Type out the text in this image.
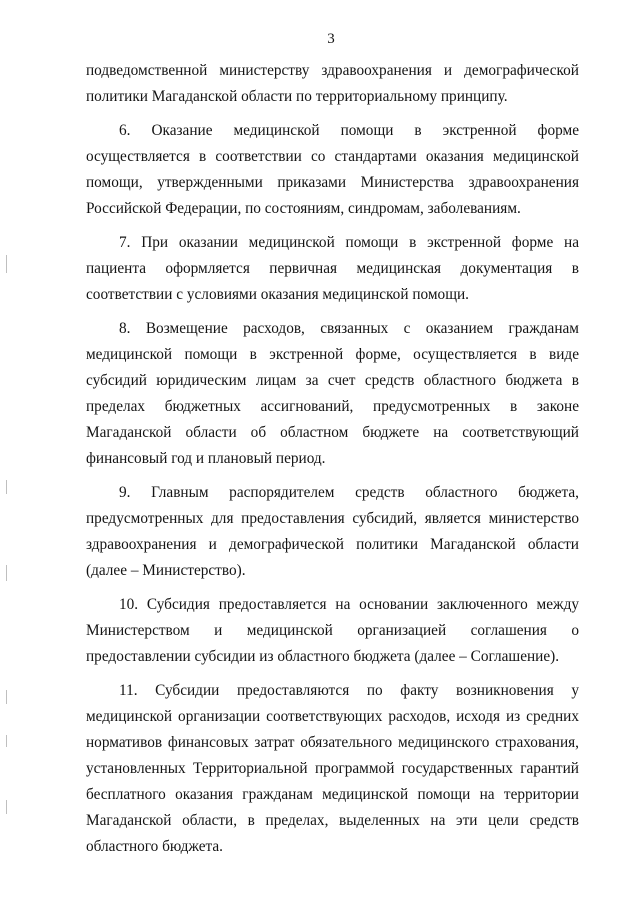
3

подведомственной министерству здравоохранения и демографической политики Магаданской области по территориальному принципу.

6. Оказание медицинской помощи в экстренной форме осуществляется в соответствии со стандартами оказания медицинской помощи, утвержденными приказами Министерства здравоохранения Российской Федерации, по состояниям, синдромам, заболеваниям.

7. При оказании медицинской помощи в экстренной форме на пациента оформляется первичная медицинская документация в соответствии с условиями оказания медицинской помощи.

8. Возмещение расходов, связанных с оказанием гражданам медицинской помощи в экстренной форме, осуществляется в виде субсидий юридическим лицам за счет средств областного бюджета в пределах бюджетных ассигнований, предусмотренных в законе Магаданской области об областном бюджете на соответствующий финансовый год и плановый период.

9. Главным распорядителем средств областного бюджета, предусмотренных для предоставления субсидий, является министерство здравоохранения и демографической политики Магаданской области (далее – Министерство).

10. Субсидия предоставляется на основании заключенного между Министерством и медицинской организацией соглашения о предоставлении субсидии из областного бюджета (далее – Соглашение).

11. Субсидии предоставляются по факту возникновения у медицинской организации соответствующих расходов, исходя из средних нормативов финансовых затрат обязательного медицинского страхования, установленных Территориальной программой государственных гарантий бесплатного оказания гражданам медицинской помощи на территории Магаданской области, в пределах, выделенных на эти цели средств областного бюджета.
